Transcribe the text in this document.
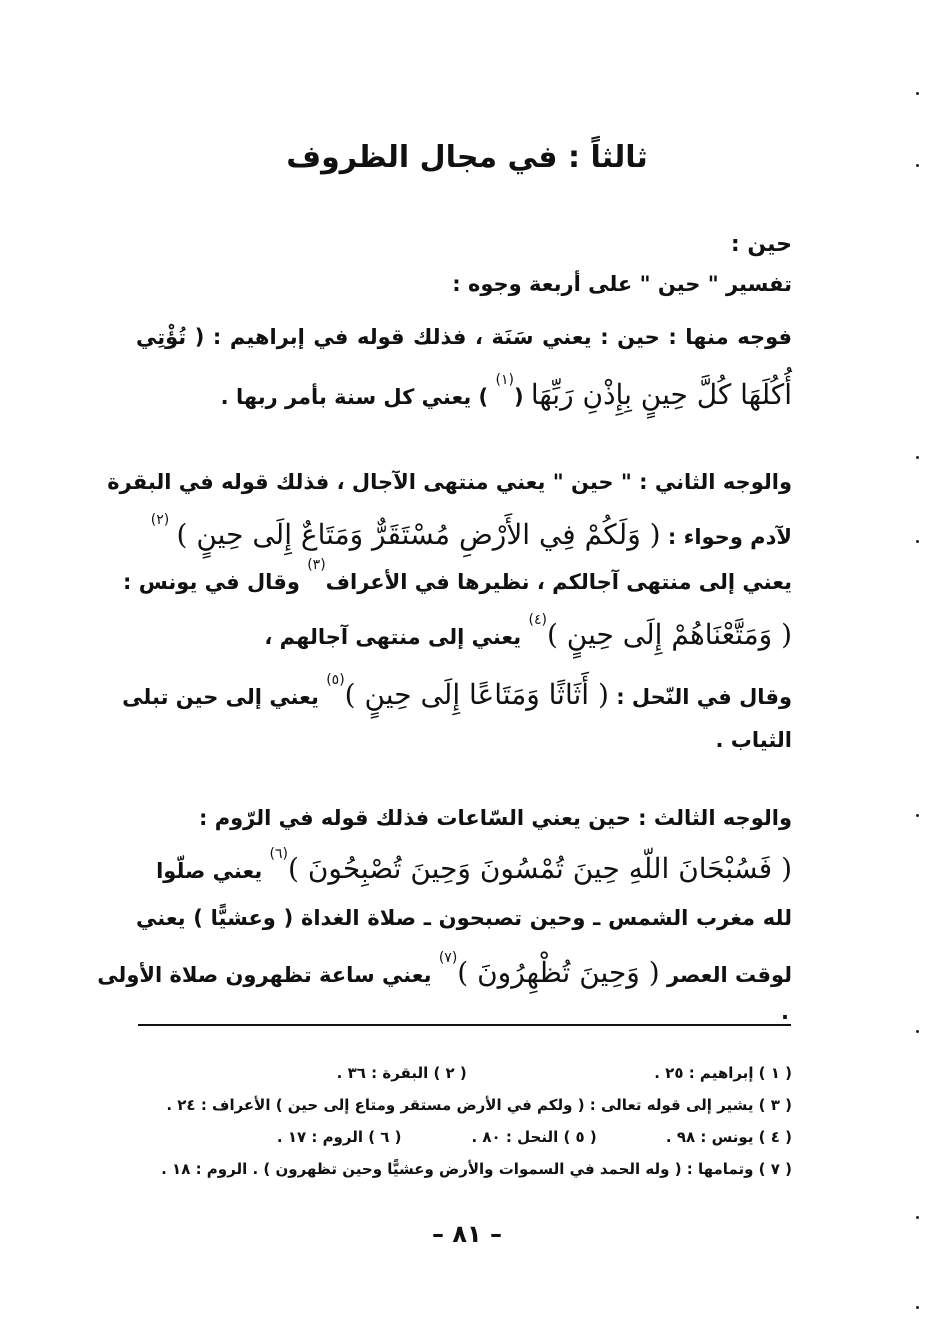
ثالثاً : في مجال الظروف
حين :
تفسير " حين " على أربعة وجوه :
فوجه منها : حين : يعني سَنَة ، فذلك قوله في إبراهيم : ( تُؤْتِي
أُكُلَهَا كُلَّ حِينٍ بِإِذْنِ رَبِّهَا ($^{(١)}$ ) يعني كل سنة بأمر ربها .
والوجه الثاني : " حين " يعني منتهى الآجال ، فذلك قوله في البقرة
لآدم وحواء : ( وَلَكُمْ فِي الأَرْضِ مُسْتَقَرٌّ وَمَتَاعٌ إِلَى حِينٍ ) $^{(٢)}$
يعني إلى منتهى آجالكم ، نظيرها في الأعراف$^{(٣)}$ وقال في يونس :
( وَمَتَّعْنَاهُمْ إِلَى حِينٍ )$^{(٤)}$ يعني إلى منتهى آجالهم ،
وقال في النّحل : ( أَثَاثًا وَمَتَاعًا إِلَى حِينٍ )$^{(٥)}$ يعني إلى حين تبلى
الثياب .
والوجه الثالث : حين يعني السّاعات فذلك قوله في الرّوم :
( فَسُبْحَانَ اللّهِ حِينَ تُمْسُونَ وَحِينَ تُصْبِحُونَ )$^{(٦)}$ يعني صلّوا
لله مغرب الشمس ـ وحين تصبحون ـ صلاة الغداة ( وعشيًّا ) يعني
لوقت العصر ( وَحِينَ تُظْهِرُونَ )$^{(٧)}$ يعني ساعة تظهرون صلاة الأولى
.
( ١ ) إبراهيم : ٢٥ . ( ٢ ) البقرة : ٣٦ .
( ٣ ) يشير إلى قوله تعالى : ( ولكم في الأرض مستقر ومتاع إلى حين ) الأعراف : ٢٤ .
( ٤ ) يونس : ٩٨ . ( ٥ ) النحل : ٨٠ . ( ٦ ) الروم : ١٧ .
( ٧ ) وتمامها : ( وله الحمد في السموات والأرض وعشيًّا وحين تظهرون ) . الروم : ١٨ .
– ٨١ –
